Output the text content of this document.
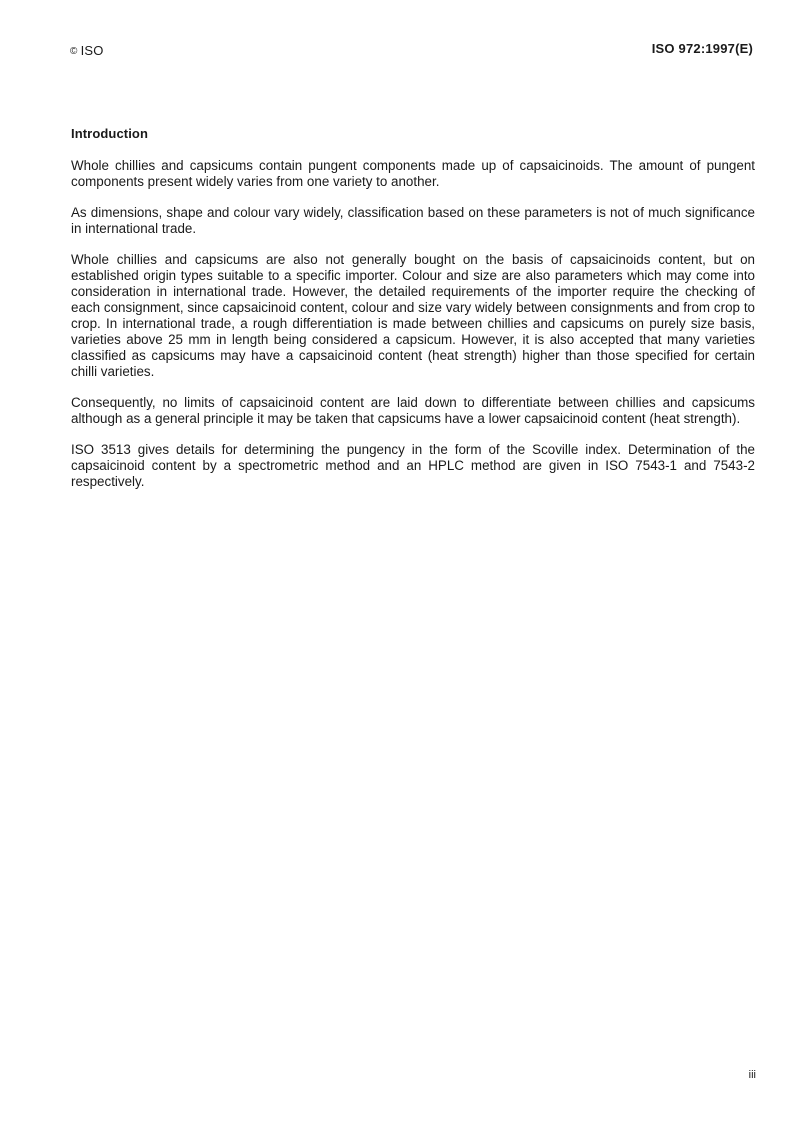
© ISO	ISO 972:1997(E)
Introduction

Whole chillies and capsicums contain pungent components made up of capsaicinoids. The amount of pungent components present widely varies from one variety to another.

As dimensions, shape and colour vary widely, classification based on these parameters is not of much significance in international trade.

Whole chillies and capsicums are also not generally bought on the basis of capsaicinoids content, but on established origin types suitable to a specific importer. Colour and size are also parameters which may come into consideration in international trade. However, the detailed requirements of the importer require the checking of each consignment, since capsaicinoid content, colour and size vary widely between consignments and from crop to crop. In international trade, a rough differentiation is made between chillies and capsicums on purely size basis, varieties above 25 mm in length being considered a capsicum. However, it is also accepted that many varieties classified as capsicums may have a capsaicinoid content (heat strength) higher than those specified for certain chilli varieties.

Consequently, no limits of capsaicinoid content are laid down to differentiate between chillies and capsicums although as a general principle it may be taken that capsicums have a lower capsaicinoid content (heat strength).

ISO 3513 gives details for determining the pungency in the form of the Scoville index. Determination of the capsaicinoid content by a spectrometric method and an HPLC method are given in ISO 7543-1 and 7543-2 respectively.

iii
